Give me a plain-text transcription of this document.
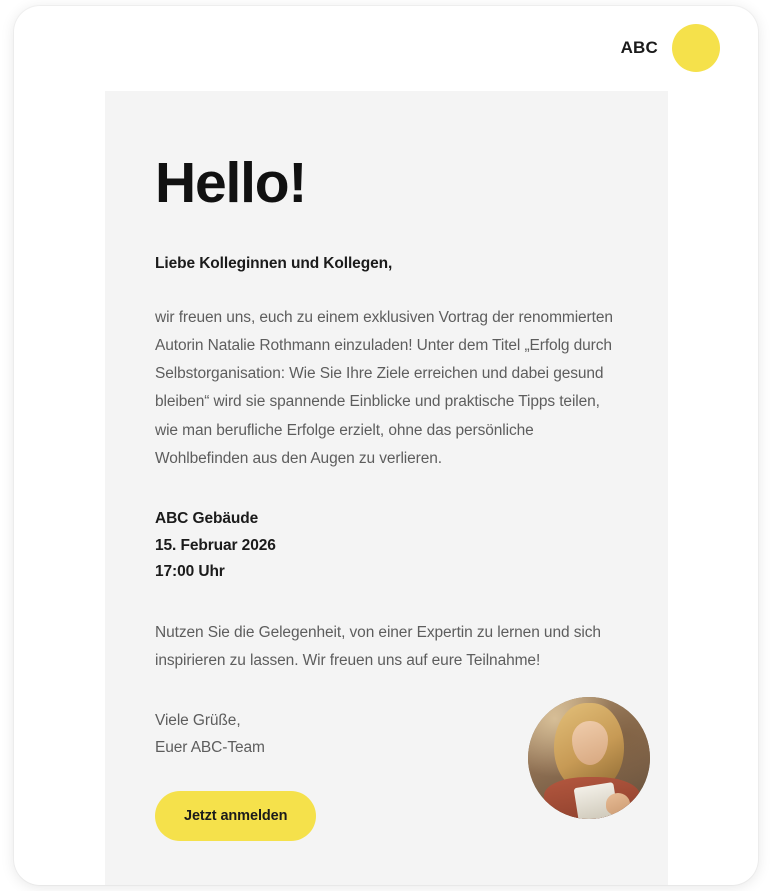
ABC
Hello!

Liebe Kolleginnen und Kollegen,

wir freuen uns, euch zu einem exklusiven Vortrag der renommierten Autorin Natalie Rothmann einzuladen! Unter dem Titel „Erfolg durch Selbstorganisation: Wie Sie Ihre Ziele erreichen und dabei gesund bleiben“ wird sie spannende Einblicke und praktische Tipps teilen, wie man berufliche Erfolge erzielt, ohne das persönliche Wohlbefinden aus den Augen zu verlieren.

ABC Gebäude
15. Februar 2026
17:00 Uhr

Nutzen Sie die Gelegenheit, von einer Expertin zu lernen und sich inspirieren zu lassen. Wir freuen uns auf eure Teilnahme!

Viele Grüße,
Euer ABC-Team
Jetzt anmelden
